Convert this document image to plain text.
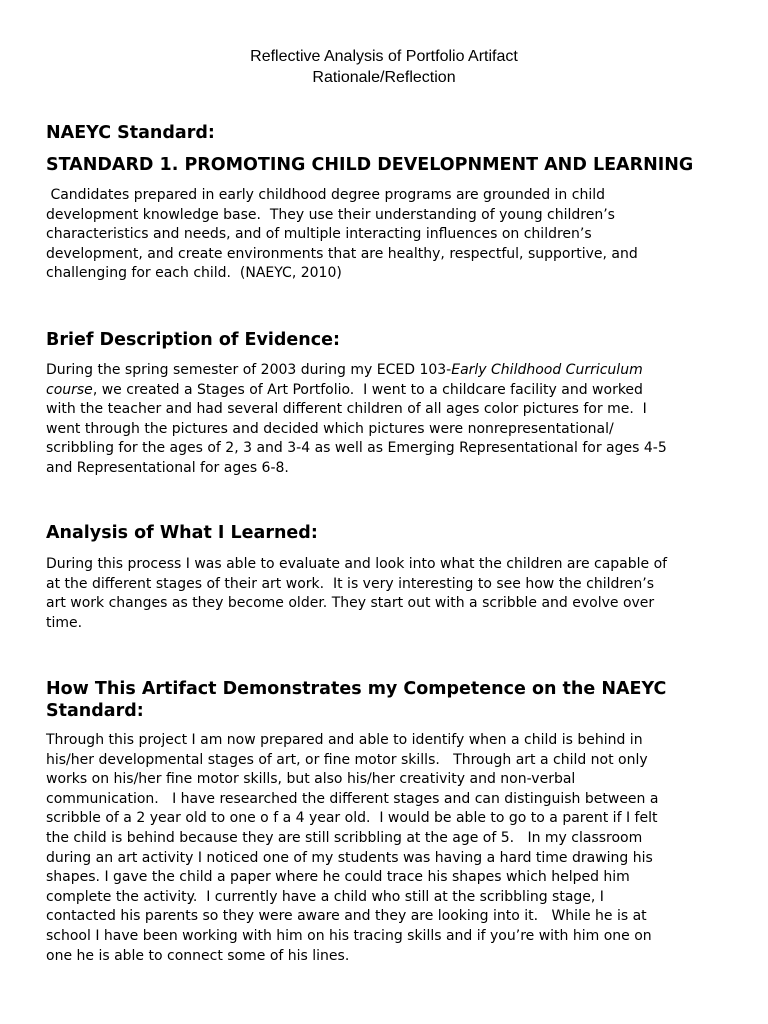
Reflective Analysis of Portfolio Artifact
Rationale/Reflection
NAEYC Standard:
STANDARD 1. PROMOTING CHILD DEVELOPNMENT AND LEARNING
Candidates prepared in early childhood degree programs are grounded in child
development knowledge base.  They use their understanding of young children’s
characteristics and needs, and of multiple interacting influences on children’s
development, and create environments that are healthy, respectful, supportive, and
challenging for each child.  (NAEYC, 2010)
Brief Description of Evidence:
During the spring semester of 2003 during my ECED 103-Early Childhood Curriculum
course, we created a Stages of Art Portfolio.  I went to a childcare facility and worked
with the teacher and had several different children of all ages color pictures for me.  I
went through the pictures and decided which pictures were nonrepresentational/
scribbling for the ages of 2, 3 and 3-4 as well as Emerging Representational for ages 4-5
and Representational for ages 6-8.
Analysis of What I Learned:
During this process I was able to evaluate and look into what the children are capable of
at the different stages of their art work.  It is very interesting to see how the children’s
art work changes as they become older. They start out with a scribble and evolve over
time.
How This Artifact Demonstrates my Competence on the NAEYC
Standard:
Through this project I am now prepared and able to identify when a child is behind in
his/her developmental stages of art, or fine motor skills.   Through art a child not only
works on his/her fine motor skills, but also his/her creativity and non-verbal
communication.   I have researched the different stages and can distinguish between a
scribble of a 2 year old to one o f a 4 year old.  I would be able to go to a parent if I felt
the child is behind because they are still scribbling at the age of 5.   In my classroom
during an art activity I noticed one of my students was having a hard time drawing his
shapes. I gave the child a paper where he could trace his shapes which helped him
complete the activity.  I currently have a child who still at the scribbling stage, I
contacted his parents so they were aware and they are looking into it.   While he is at
school I have been working with him on his tracing skills and if you’re with him one on
one he is able to connect some of his lines.
